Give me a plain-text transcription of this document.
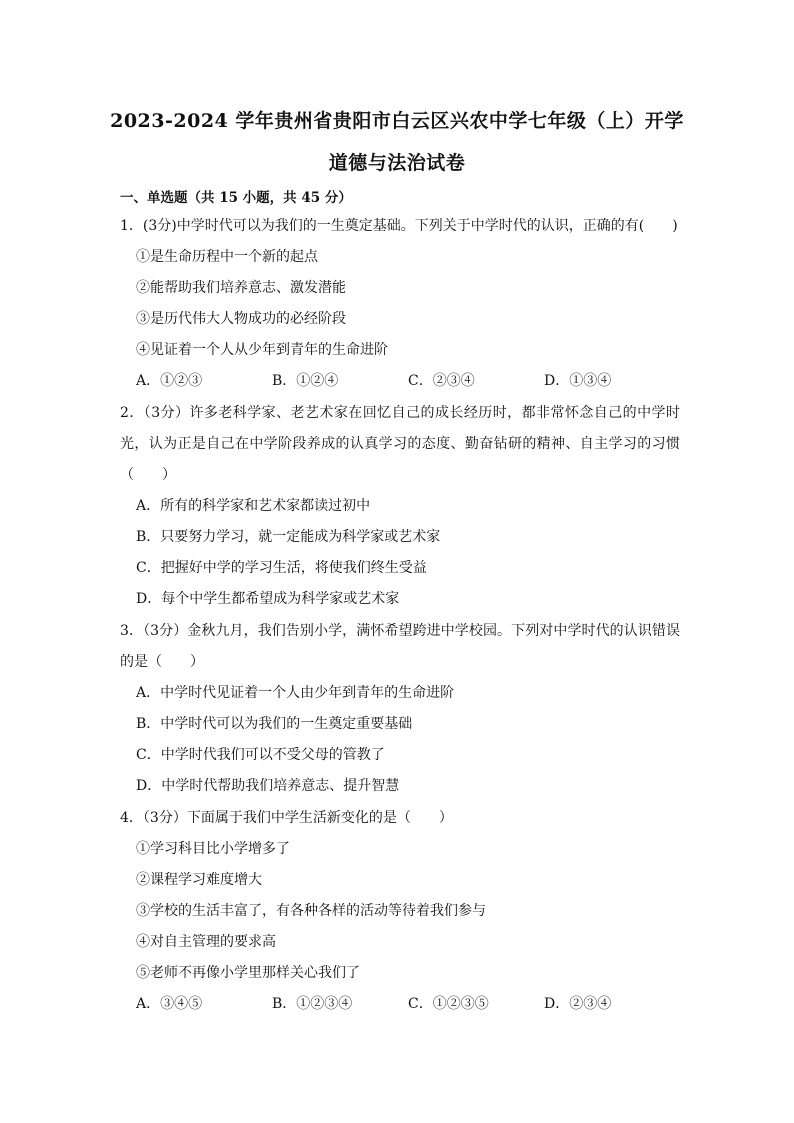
2023-2024 学年贵州省贵阳市白云区兴农中学七年级（上）开学
道德与法治试卷
一、单选题（共 15 小题，共 45 分）
1．(3分)中学时代可以为我们的一生奠定基础。下列关于中学时代的认识，正确的有(　　)
①是生命历程中一个新的起点
②能帮助我们培养意志、激发潜能
③是历代伟大人物成功的必经阶段
④见证着一个人从少年到青年的生命进阶
A．①②③	B．①②④	C．②③④	D．①③④
2．（3分）许多老科学家、老艺术家在回忆自己的成长经历时，都非常怀念自己的中学时光，认为正是自己在中学阶段养成的认真学习的态度、勤奋钻研的精神、自主学习的习惯（　　）
A．所有的科学家和艺术家都读过初中
B．只要努力学习，就一定能成为科学家或艺术家
C．把握好中学的学习生活，将使我们终生受益
D．每个中学生都希望成为科学家或艺术家
3．（3分）金秋九月，我们告别小学，满怀希望跨进中学校园。下列对中学时代的认识错误的是（　　）
A．中学时代见证着一个人由少年到青年的生命进阶
B．中学时代可以为我们的一生奠定重要基础
C．中学时代我们可以不受父母的管教了
D．中学时代帮助我们培养意志、提升智慧
4．（3分）下面属于我们中学生活新变化的是（　　）
①学习科目比小学增多了
②课程学习难度增大
③学校的生活丰富了，有各种各样的活动等待着我们参与
④对自主管理的要求高
⑤老师不再像小学里那样关心我们了
A．③④⑤	B．①②③④	C．①②③⑤	D．②③④
